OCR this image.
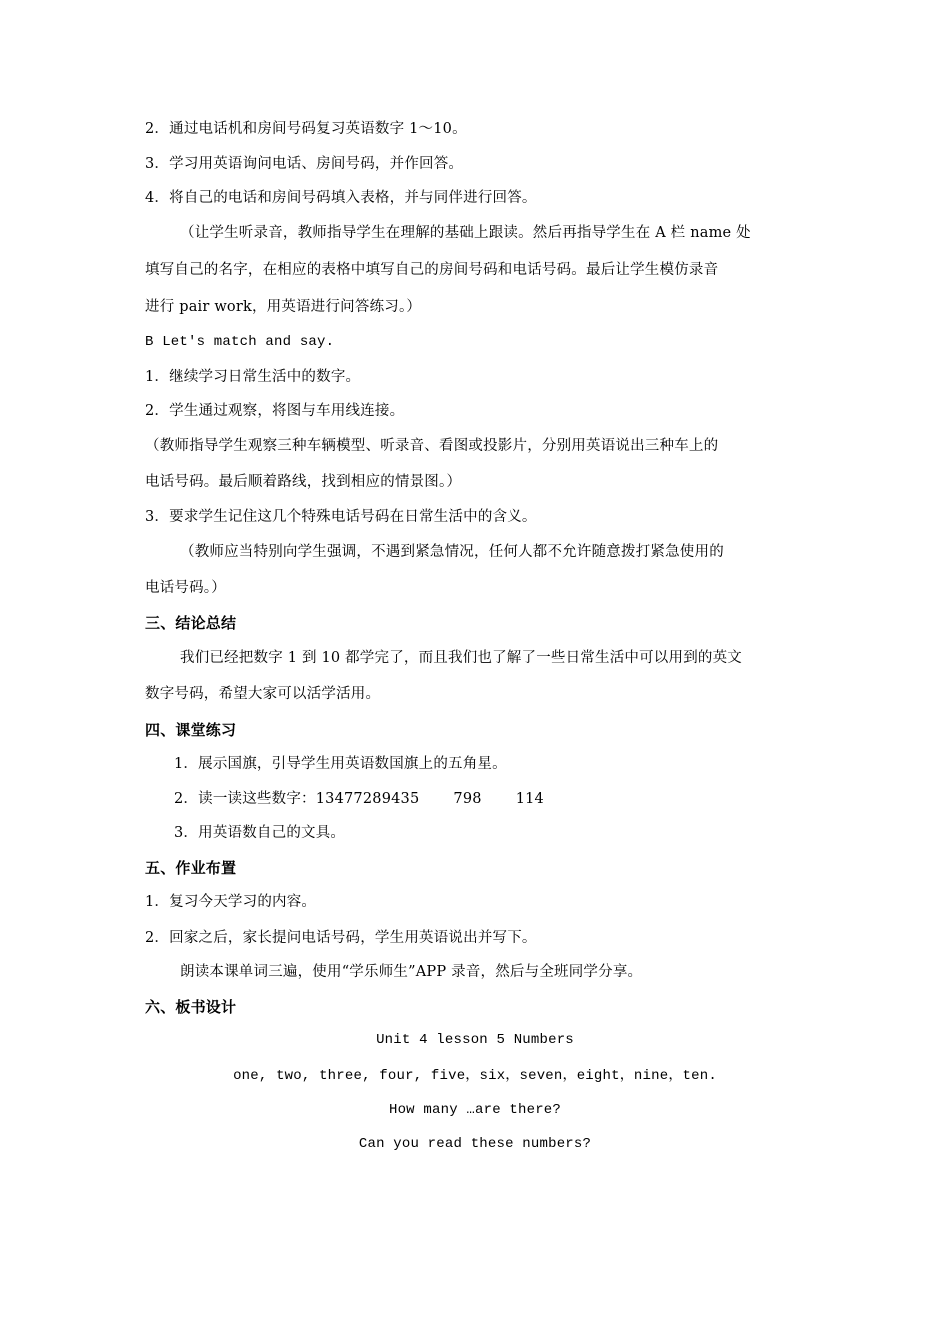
2．通过电话机和房间号码复习英语数字 1～10。
3．学习用英语询问电话、房间号码，并作回答。
4．将自己的电话和房间号码填入表格，并与同伴进行回答。
（让学生听录音，教师指导学生在理解的基础上跟读。然后再指导学生在 A 栏 name 处
填写自己的名字，在相应的表格中填写自己的房间号码和电话号码。最后让学生模仿录音
进行 pair work，用英语进行问答练习。）
B Let's match and say.
1．继续学习日常生活中的数字。
2．学生通过观察，将图与车用线连接。
（教师指导学生观察三种车辆模型、听录音、看图或投影片，分别用英语说出三种车上的
电话号码。最后顺着路线，找到相应的情景图。）
3．要求学生记住这几个特殊电话号码在日常生活中的含义。
（教师应当特别向学生强调，不遇到紧急情况，任何人都不允许随意拨打紧急使用的
电话号码。）
三、结论总结
我们已经把数字 1 到 10 都学完了，而且我们也了解了一些日常生活中可以用到的英文
数字号码，希望大家可以活学活用。
四、课堂练习
1．展示国旗，引导学生用英语数国旗上的五角星。
2．读一读这些数字：13477289435 798 114
3．用英语数自己的文具。
五、作业布置
1．复习今天学习的内容。
2．回家之后，家长提问电话号码，学生用英语说出并写下。
朗读本课单词三遍，使用“学乐师生”APP 录音，然后与全班同学分享。
六、板书设计
Unit 4 lesson 5 Numbers
one, two, three, four, five，six，seven，eight，nine，ten.
How many …are there?
Can you read these numbers?
